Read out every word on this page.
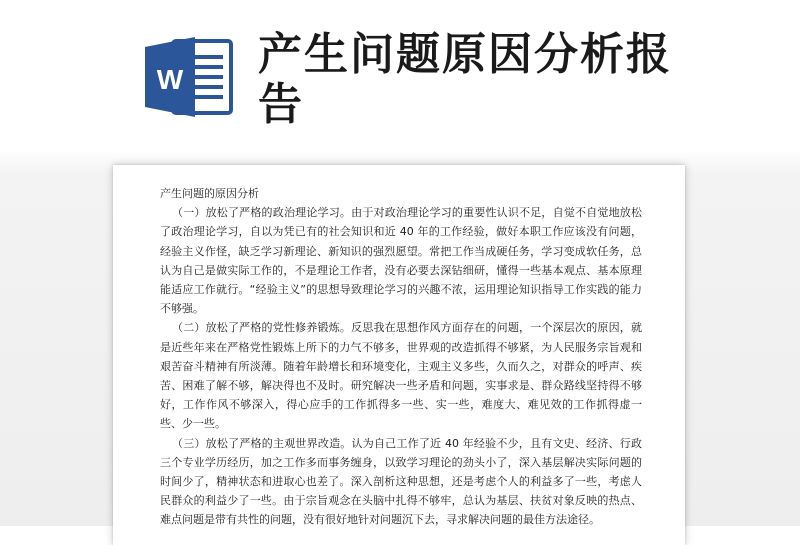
W 产生问题原因分析报告

产生问题的原因分析

（一）放松了严格的政治理论学习。由于对政治理论学习的重要性认识不足，自觉不自觉地放松了政治理论学习，自以为凭已有的社会知识和近 40 年的工作经验，做好本职工作应该没有问题，经验主义作怪，缺乏学习新理论、新知识的强烈愿望。常把工作当成硬任务，学习变成软任务，总认为自己是做实际工作的，不是理论工作者，没有必要去深钻细研，懂得一些基本观点、基本原理能适应工作就行。“经验主义”的思想导致理论学习的兴趣不浓，运用理论知识指导工作实践的能力不够强。

（二）放松了严格的党性修养锻炼。反思我在思想作风方面存在的问题，一个深层次的原因，就是近些年来在严格党性锻炼上所下的力气不够多，世界观的改造抓得不够紧，为人民服务宗旨观和艰苦奋斗精神有所淡薄。随着年龄增长和环境变化，主观主义多些，久而久之，对群众的呼声、疾苦、困难了解不够，解决得也不及时。研究解决一些矛盾和问题，实事求是、群众路线坚持得不够好，工作作风不够深入，得心应手的工作抓得多一些、实一些，难度大、难见效的工作抓得虚一些、少一些。

（三）放松了严格的主观世界改造。认为自己工作了近 40 年经验不少，且有文史、经济、行政三个专业学历经历，加之工作多而事务缠身，以致学习理论的劲头小了，深入基层解决实际问题的时间少了，精神状态和进取心也差了。深入剖析这种思想，还是考虑个人的利益多了一些，考虑人民群众的利益少了一些。由于宗旨观念在头脑中扎得不够牢，总认为基层、扶贫对象反映的热点、难点问题是带有共性的问题，没有很好地针对问题沉下去，寻求解决问题的最佳方法途径。
